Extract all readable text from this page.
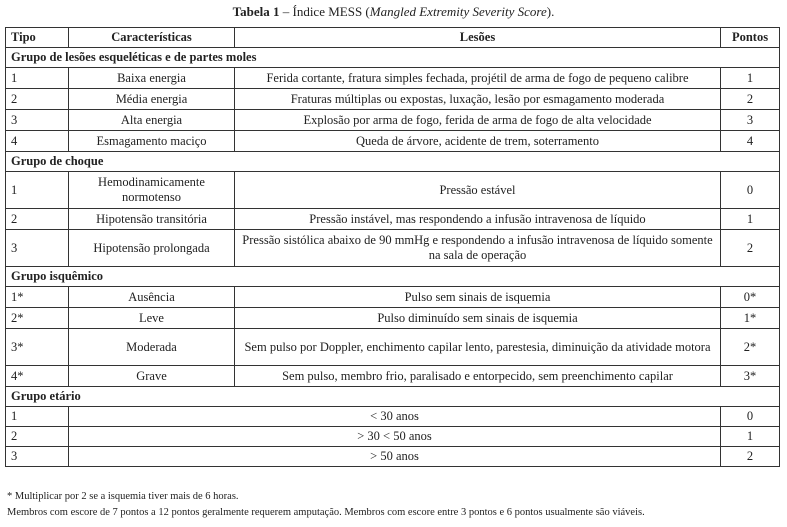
Tabela 1 – Índice MESS (Mangled Extremity Severity Score).
Tipo	Características	Lesões	Pontos
Grupo de lesões esqueléticas e de partes moles			
1	Baixa energia	Ferida cortante, fratura simples fechada, projétil de arma de fogo de pequeno calibre	1
2	Média energia	Fraturas múltiplas ou expostas, luxação, lesão por esmagamento moderada	2
3	Alta energia	Explosão por arma de fogo, ferida de arma de fogo de alta velocidade	3
4	Esmagamento maciço	Queda de árvore, acidente de trem, soterramento	4
Grupo de choque			
1	Hemodinamicamente normotenso	Pressão estável	0
2	Hipotensão transitória	Pressão instável, mas respondendo a infusão intravenosa de líquido	1
3	Hipotensão prolongada	Pressão sistólica abaixo de 90 mmHg e respondendo a infusão intravenosa de líquido somente na sala de operação	2
Grupo isquêmico			
1*	Ausência	Pulso sem sinais de isquemia	0*
2*	Leve	Pulso diminuído sem sinais de isquemia	1*
3*	Moderada	Sem pulso por Doppler, enchimento capilar lento, parestesia, diminuição da atividade motora	2*
4*	Grave	Sem pulso, membro frio, paralisado e entorpecido, sem preenchimento capilar	3*
Grupo etário			
1	< 30 anos		0
2	> 30 < 50 anos		1
3	> 50 anos		2
* Multiplicar por 2 se a isquemia tiver mais de 6 horas.
Membros com escore de 7 pontos a 12 pontos geralmente requerem amputação. Membros com escore entre 3 pontos e 6 pontos usualmente são viáveis.
